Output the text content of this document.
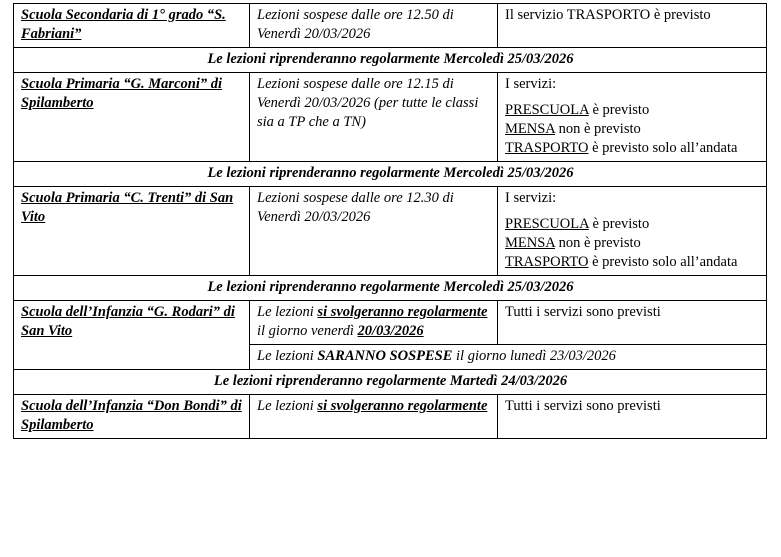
Scuola Secondaria di 1° grado “S. Fabriani”	Lezioni sospese dalle ore 12.50 di Venerdì 20/03/2026	Il servizio TRASPORTO è previsto
Le lezioni riprenderanno regolarmente Mercoledì 25/03/2026		
Scuola Primaria “G. Marconi” di Spilamberto	Lezioni sospese dalle ore 12.15 di Venerdì 20/03/2026 (per tutte le classi sia a TP che a TN)	I servizi:

PRESCUOLA è previsto

MENSA non è previsto

TRASPORTO è previsto solo all’andata

Le lezioni riprenderanno regolarmente Mercoledì 25/03/2026		
Scuola Primaria “C. Trenti” di San Vito	Lezioni sospese dalle ore 12.30 di Venerdì 20/03/2026	I servizi:

PRESCUOLA è previsto

MENSA non è previsto

TRASPORTO è previsto solo all’andata

Le lezioni riprenderanno regolarmente Mercoledì 25/03/2026		
Scuola dell’Infanzia “G. Rodari” di San Vito	Le lezioni si svolgeranno regolarmente il giorno venerdì 20/03/2026	Tutti i servizi sono previsti
	Le lezioni SARANNO SOSPESE il giorno lunedì 23/03/2026	
Le lezioni riprenderanno regolarmente Martedì 24/03/2026		
Scuola dell’Infanzia “Don Bondi” di Spilamberto	Le lezioni si svolgeranno regolarmente	Tutti i servizi sono previsti
